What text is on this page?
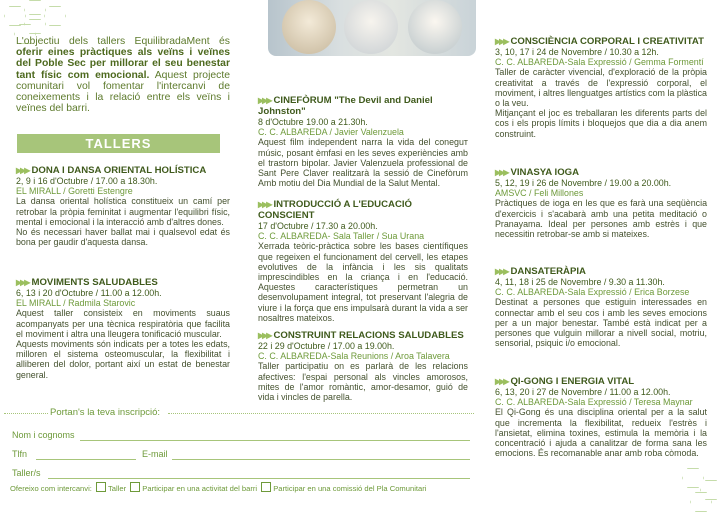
L'objectiu dels tallers EquilibradaMent és oferir eines pràctiques als veïns i veïnes del Poble Sec per millorar el seu benestar tant físic com emocional. Aquest projecte comunitari vol fomentar l'intercanvi de coneixements i la relació entre els veïns i veïnes del barri.
TALLERS
▶▶▶ DONA I DANSA ORIENTAL HOLÍSTICA
2, 9 i 16 d'Octubre / 17.00 a 18.30h.
EL MIRALL / Goretti Estengre
La dansa oriental holística constitueix un camí per retrobar la pròpia feminitat i augmentar l'equilibri físic, mental i emocional i la interacció amb d'altres dones.
No és necessari haver ballat mai i qualsevol edat és bona per gaudir d'aquesta dansa.
▶▶▶ MOVIMENTS SALUDABLES
6, 13 i 20 d'Octubre / 11.00 a 12.00h.
EL MIRALL / Radmila Starovic
Aquest taller consisteix en moviments suaus acompanyats per una tècnica respiratòria que facilita el moviment i altra una lleugera tonificació muscular.
Aquests moviments són indicats per a totes les edats, milloren el sistema osteomuscular, la flexibilitat i alliberen del dolor, portant així un estat de benestar general.
▶▶▶ CINEFÒRUM "The Devil and Daniel Johnston"
8 d'Octubre 19.00 a 21.30h.
C. C. ALBAREDA / Javier Valenzuela
Aquest film independent narra la vida del coneguт músic, posant èmfasi en les seves experiències amb el trastorn bipolar. Javier Valenzuela professional de Sant Pere Claver realitzarà la sessió de Cinefòrum Amb motiu del Dia Mundial de la Salut Mental.
▶▶▶ INTRODUCCIÓ A L'EDUCACIÓ CONSCIENT
17 d'Octubre / 17.30 a 20.00h.
C. C. ALBAREDA- Sala Taller / Sua Urana
Xerrada teòric-pràctica sobre les bases científiques que regeixen el funcionament del cervell, les etapes evolutives de la infància i les sis qualitats imprescindibles en la criança i en l'educació. Aquestes característiques permetran un desenvolupament integral, tot preservant l'alegria de viure i la força que ens impulsarà durant la vida a ser nosaltres mateixos.
▶▶▶ CONSTRUINT RELACIONS SALUDABLES
22 i 29 d'Octubre / 17.00 a 19.00h.
C. C. ALBAREDA-Sala Reunions / Aroa Talavera
Taller participatiu on es parlarà de les relacions afectives: l'espai personal als vincles amorosos, mites de l'amor romàntic, amor-desamor, guió de vida i vincles de parella.
▶▶▶ CONSCIÈNCIA CORPORAL I CREATIVITAT
3, 10, 17 i 24 de Novembre / 10.30 a 12h.
C. C. ALBAREDA-Sala Expressió / Gemma Formentí
Taller de caràcter vivencial, d'exploració de la pròpia creativitat a través de l'expressió corporal, el moviment, i altres llenguatges artístics com la plàstica o la veu.
Mitjançant el joc es treballaran les diferents parts del cos i els propis límits i bloquejos que dia a dia anem construint.
▶▶▶ VINASYA IOGA
5, 12, 19 i 26 de Novembre / 19.00 a 20.00h.
AMSVC / Feli Millones
Pràctiques de ioga en les que es farà una seqüència d'exercicis i s'acabarà amb una petita meditació o Pranayama. Ideal per persones amb estrès i que necessitin retrobar-se amb si mateixes.
▶▶▶ DANSATERÀPIA
4, 11, 18 i 25 de Novembre / 9.30 a 11.30h.
C. C. ALBAREDA-Sala Expressió / Erica Borzese
Destinat a persones que estiguin interessades en connectar amb el seu cos i amb les seves emocions per a un major benestar. També està indicat per a persones que vulguin millorar a nivell social, motriu, sensorial, psiquic i/o emocional.
▶▶▶ QI-GONG I ENERGIA VITAL
6, 13, 20 i 27 de Novembre / 11.00 a 12.00h.
C. C. ALBAREDA-Sala Expressió / Teresa Maynar
El Qi-Gong és una disciplina oriental per a la salut que incrementa la flexibilitat, redueix l'estrès i l'ansietat, elimina toxines, estimula la memòria i la concentració i ajuda a canalitzar de forma sana les emocions. És recomanable anar amb roba còmoda.
Portan's la teva inscripció:
Nom i cognoms
Tlfn	E-mail
Taller/s
Ofereixo com intercanvi: Taller Participar en una activitat del barri Participar en una comissió del Pla Comunitari
